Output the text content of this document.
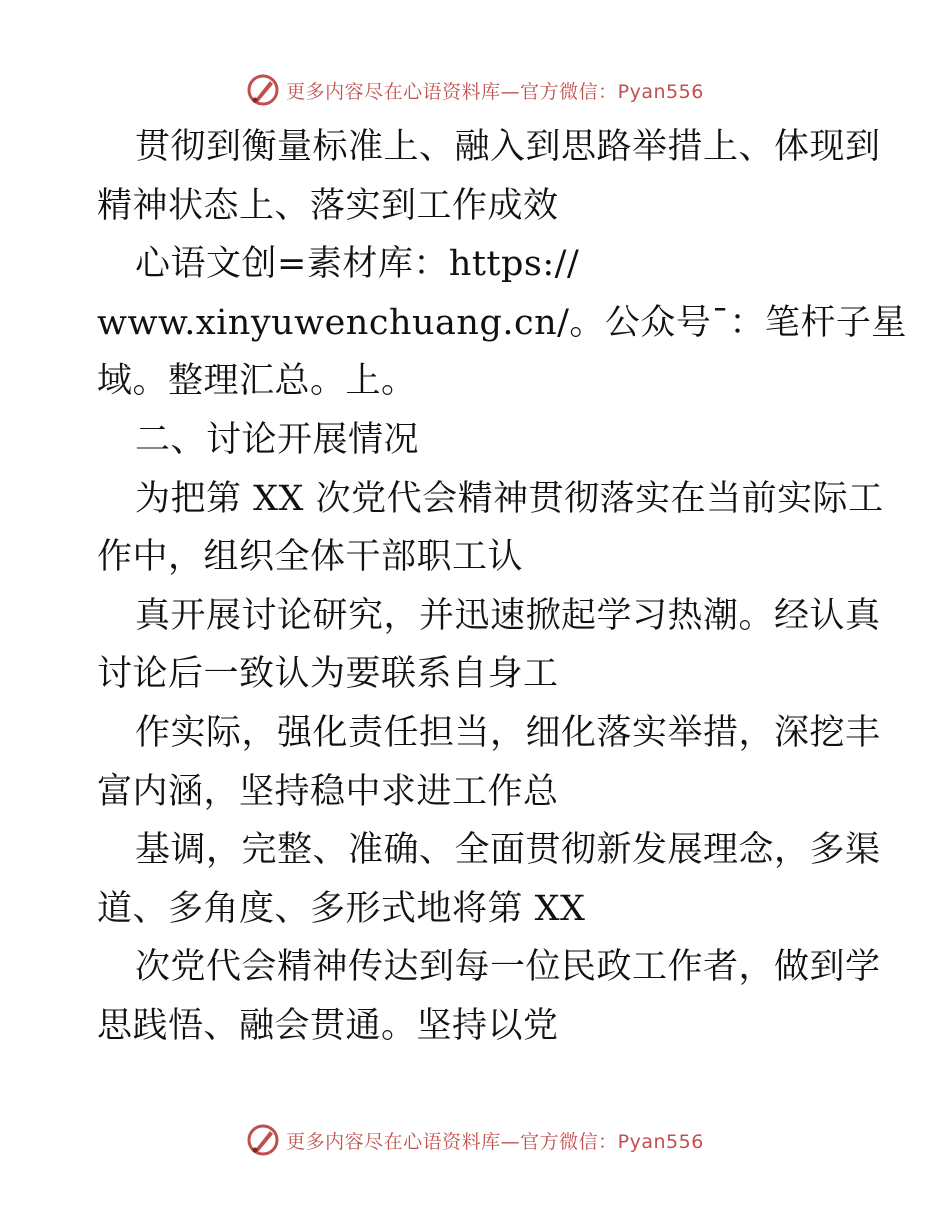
更多内容尽在心语资料库—官方微信：Pyan556
贯彻到衡量标准上、融入到思路举措上、体现到
精神状态上、落实到工作成效
心语文创=素材库：https://
www.xinyuwenchuang.cn/。公众号¯：笔杆子星
域。整理汇总。上。
二、讨论开展情况
为把第 XX 次党代会精神贯彻落实在当前实际工
作中，组织全体干部职工认
真开展讨论研究，并迅速掀起学习热潮。经认真
讨论后一致认为要联系自身工
作实际，强化责任担当，细化落实举措，深挖丰
富内涵，坚持稳中求进工作总
基调，完整、准确、全面贯彻新发展理念，多渠
道、多角度、多形式地将第 XX
次党代会精神传达到每一位民政工作者，做到学
思践悟、融会贯通。坚持以党
更多内容尽在心语资料库—官方微信：Pyan556
